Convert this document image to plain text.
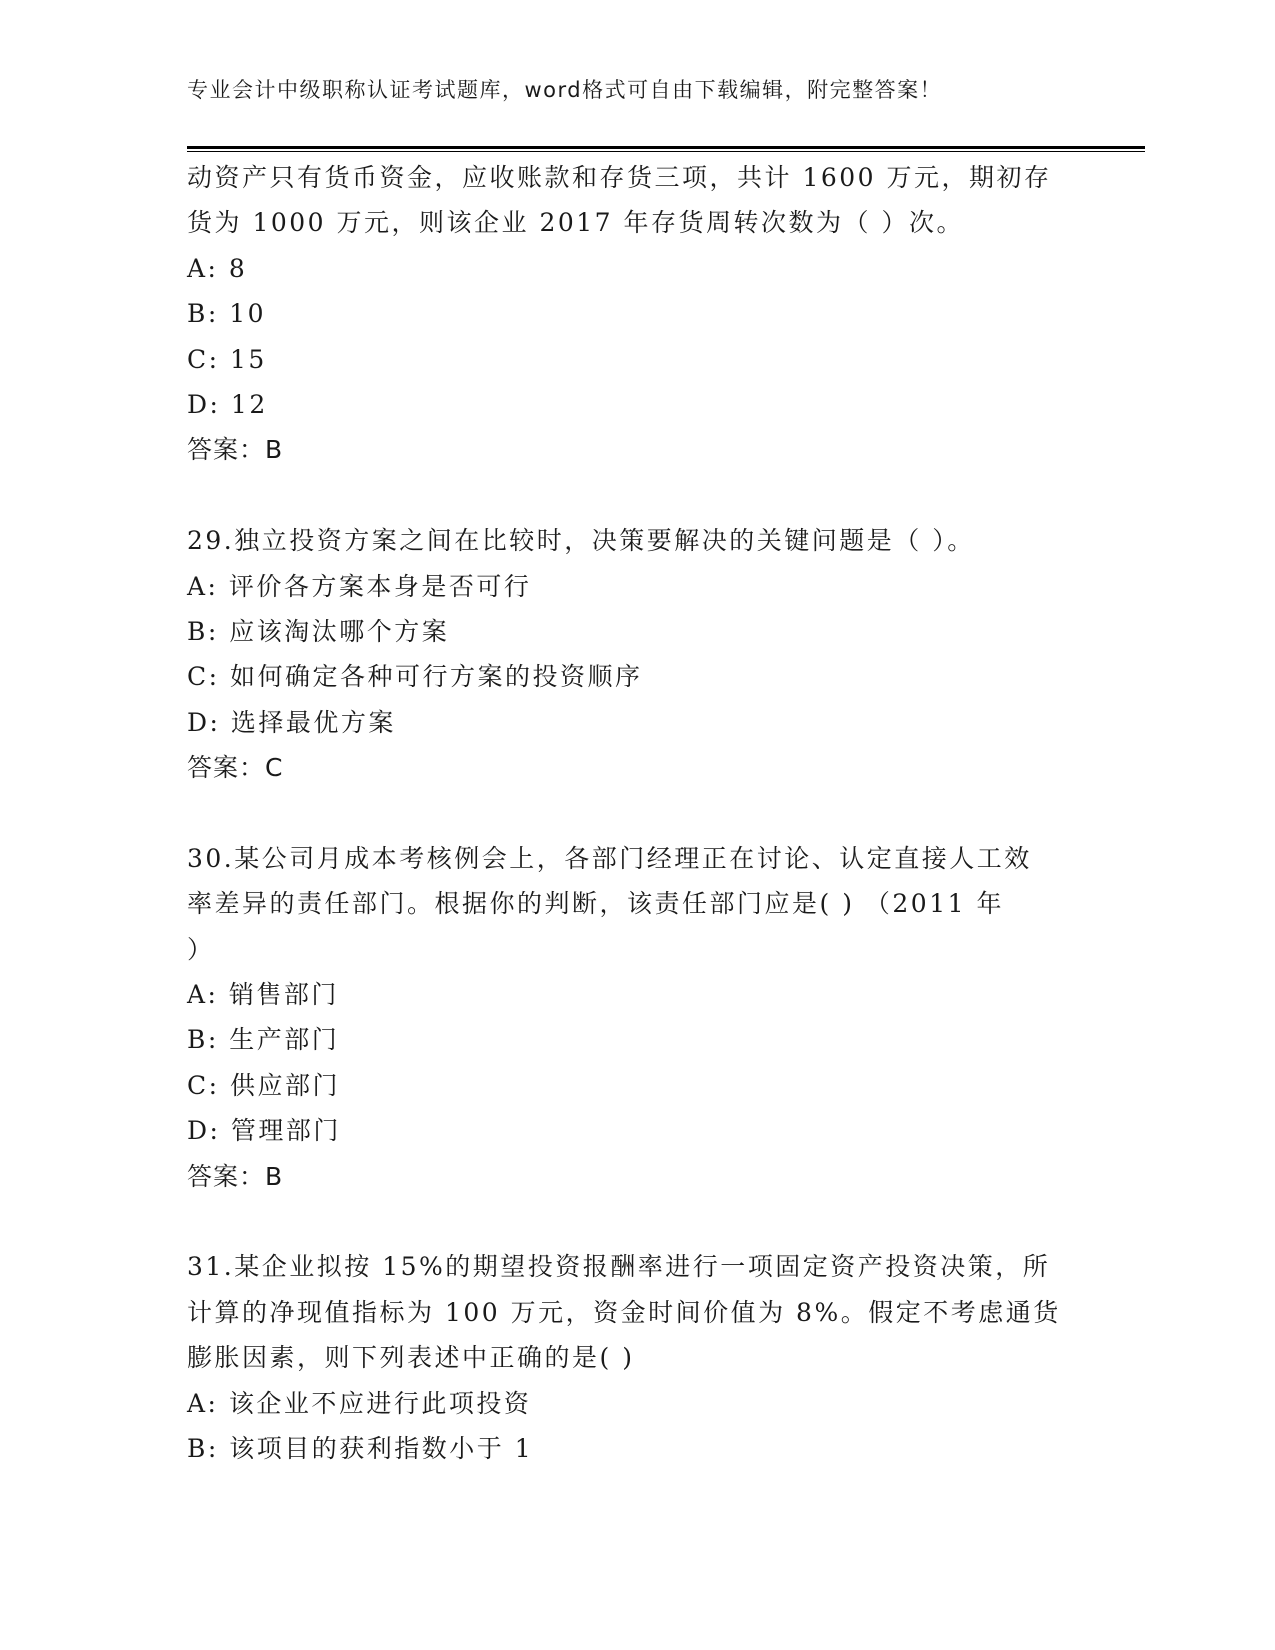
专业会计中级职称认证考试题库，word格式可自由下载编辑，附完整答案！
动资产只有货币资金，应收账款和存货三项，共计 1600 万元，期初存
货为 1000 万元，则该企业 2017 年存货周转次数为（ ）次。
A: 8
B: 10
C: 15
D: 12
答案：B
29.独立投资方案之间在比较时，决策要解决的关键问题是（ ）。
A: 评价各方案本身是否可行
B: 应该淘汰哪个方案
C: 如何确定各种可行方案的投资顺序
D: 选择最优方案
答案：C
30.某公司月成本考核例会上，各部门经理正在讨论、认定直接人工效
率差异的责任部门。根据你的判断，该责任部门应是( ) （2011 年
）
A: 销售部门
B: 生产部门
C: 供应部门
D: 管理部门
答案：B
31.某企业拟按 15%的期望投资报酬率进行一项固定资产投资决策，所
计算的净现值指标为 100 万元，资金时间价值为 8%。假定不考虑通货
膨胀因素，则下列表述中正确的是( )
A: 该企业不应进行此项投资
B: 该项目的获利指数小于 1
